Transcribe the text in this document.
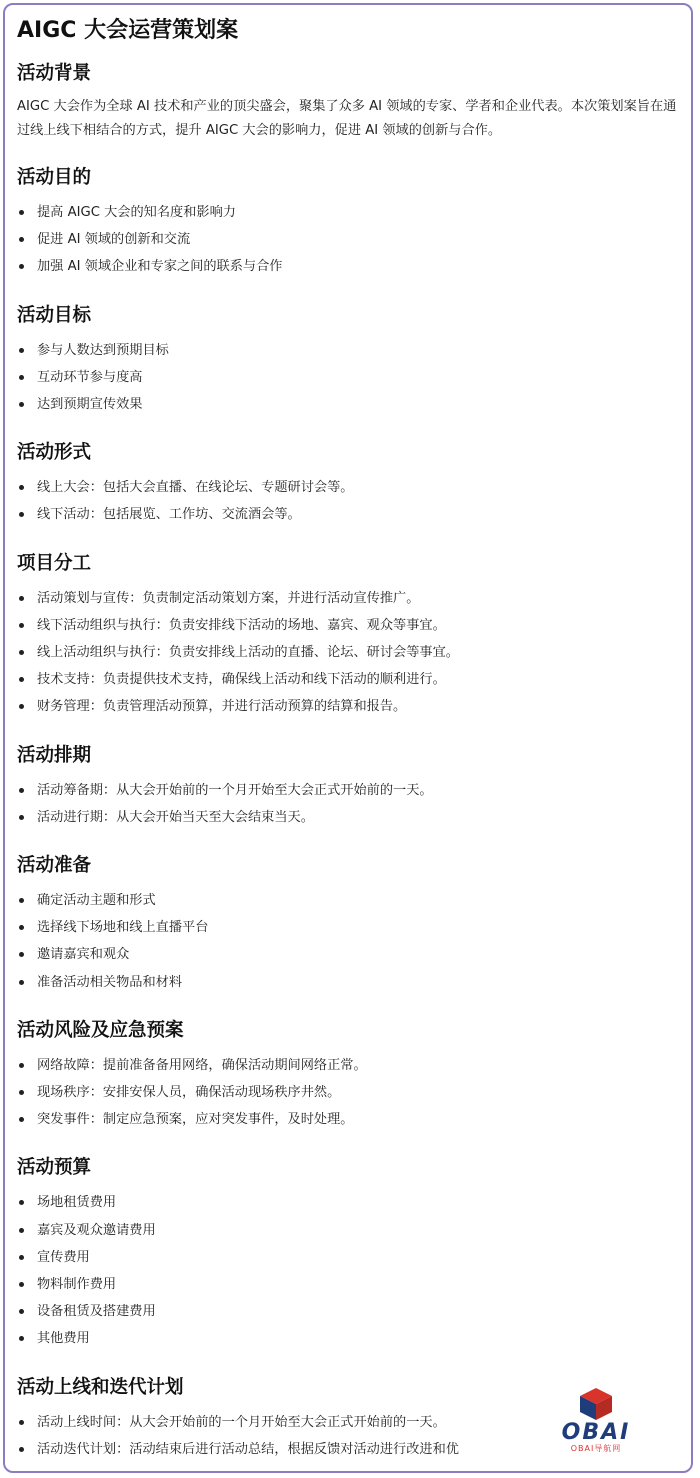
AIGC 大会运营策划案
活动背景

AIGC 大会作为全球 AI 技术和产业的顶尖盛会，聚集了众多 AI 领域的专家、学者和企业代表。本次策划案旨在通过线上线下相结合的方式，提升 AIGC 大会的影响力，促进 AI 领域的创新与合作。

活动目的
提高 AIGC 大会的知名度和影响力
促进 AI 领域的创新和交流
加强 AI 领域企业和专家之间的联系与合作
活动目标
参与人数达到预期目标
互动环节参与度高
达到预期宣传效果
活动形式
线上大会：包括大会直播、在线论坛、专题研讨会等。
线下活动：包括展览、工作坊、交流酒会等。
项目分工
活动策划与宣传：负责制定活动策划方案，并进行活动宣传推广。
线下活动组织与执行：负责安排线下活动的场地、嘉宾、观众等事宜。
线上活动组织与执行：负责安排线上活动的直播、论坛、研讨会等事宜。
技术支持：负责提供技术支持，确保线上活动和线下活动的顺利进行。
财务管理：负责管理活动预算，并进行活动预算的结算和报告。
活动排期
活动筹备期：从大会开始前的一个月开始至大会正式开始前的一天。
活动进行期：从大会开始当天至大会结束当天。
活动准备
确定活动主题和形式
选择线下场地和线上直播平台
邀请嘉宾和观众
准备活动相关物品和材料
活动风险及应急预案
网络故障：提前准备备用网络，确保活动期间网络正常。
现场秩序：安排安保人员，确保活动现场秩序井然。
突发事件：制定应急预案，应对突发事件，及时处理。
活动预算
场地租赁费用
嘉宾及观众邀请费用
宣传费用
物料制作费用
设备租赁及搭建费用
其他费用
活动上线和迭代计划
活动上线时间：从大会开始前的一个月开始至大会正式开始前的一天。
活动迭代计划：活动结束后进行活动总结，根据反馈对活动进行改进和优
OBAI
OBAI导航网
